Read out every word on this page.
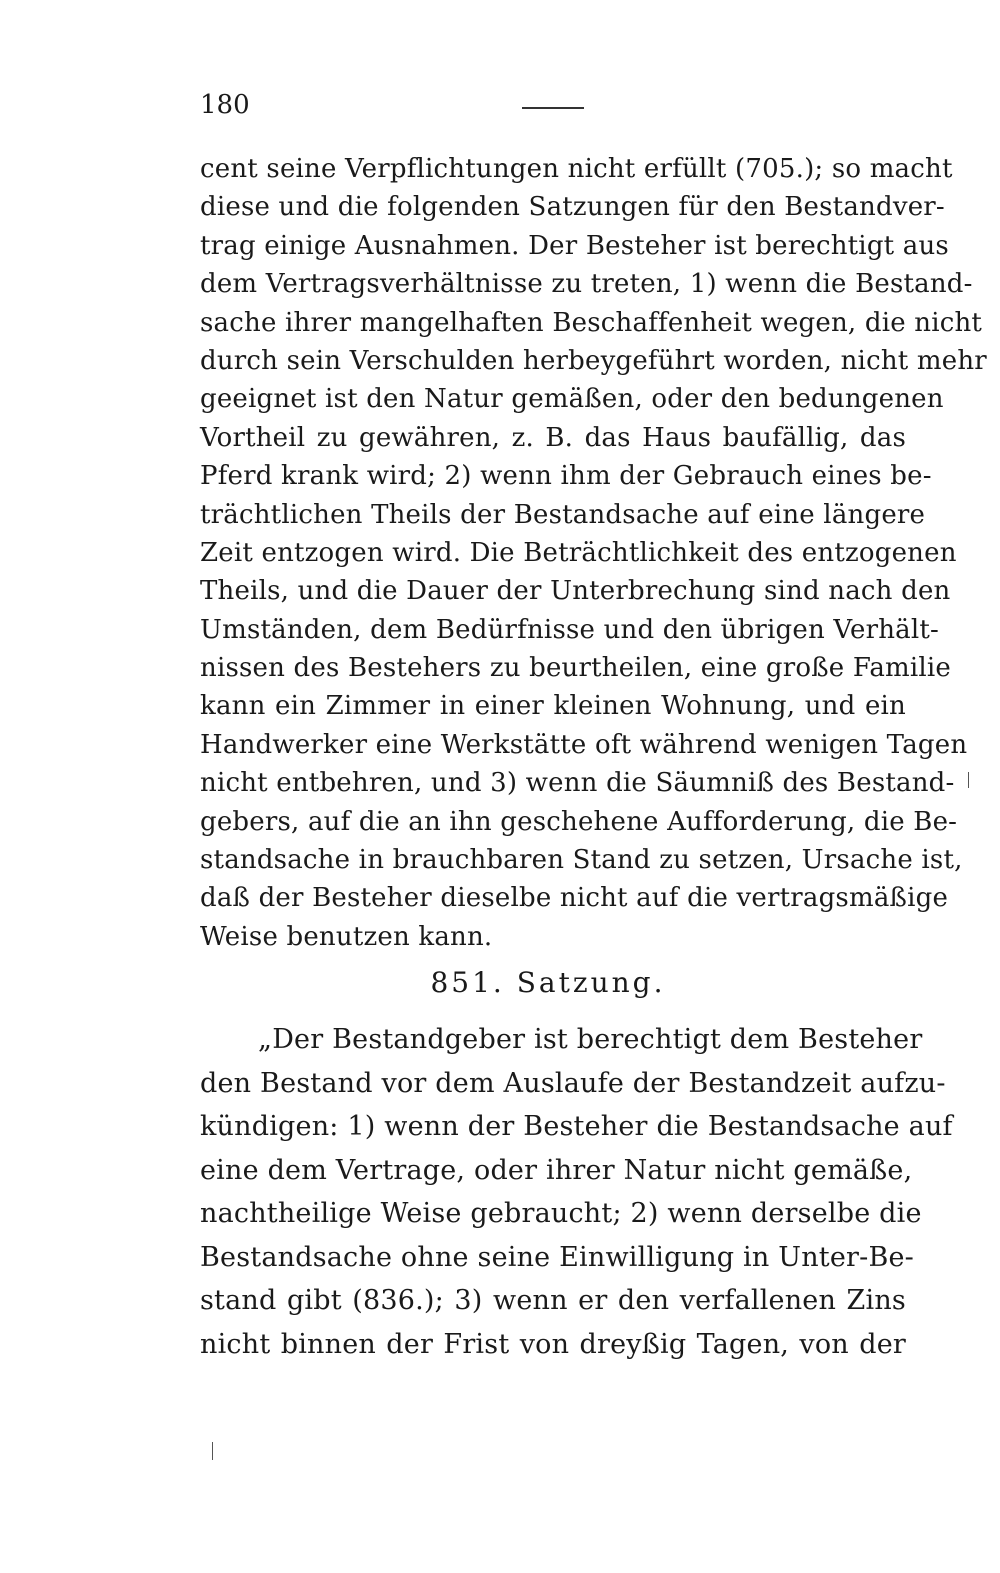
180
cent seine Verpflichtungen nicht erfüllt (705.); so macht
diese und die folgenden Satzungen für den Bestandver-
trag einige Ausnahmen. Der Besteher ist berechtigt aus
dem Vertragsverhältnisse zu treten, 1) wenn die Bestand-
sache ihrer mangelhaften Beschaffenheit wegen, die nicht
durch sein Verschulden herbeygeführt worden, nicht mehr
geeignet ist den Natur gemäßen, oder den bedungenen
Vortheil zu gewähren, z. B. das Haus baufällig, das
Pferd krank wird; 2) wenn ihm der Gebrauch eines be-
trächtlichen Theils der Bestandsache auf eine längere
Zeit entzogen wird. Die Beträchtlichkeit des entzogenen
Theils, und die Dauer der Unterbrechung sind nach den
Umständen, dem Bedürfnisse und den übrigen Verhält-
nissen des Bestehers zu beurtheilen, eine große Familie
kann ein Zimmer in einer kleinen Wohnung, und ein
Handwerker eine Werkstätte oft während wenigen Tagen
nicht entbehren, und 3) wenn die Säumniß des Bestand-
gebers, auf die an ihn geschehene Aufforderung, die Be-
standsache in brauchbaren Stand zu setzen, Ursache ist,
daß der Besteher dieselbe nicht auf die vertragsmäßige
Weise benutzen kann.
851. Satzung.
„Der Bestandgeber ist berechtigt dem Besteher
den Bestand vor dem Auslaufe der Bestandzeit aufzu-
kündigen: 1) wenn der Besteher die Bestandsache auf
eine dem Vertrage, oder ihrer Natur nicht gemäße,
nachtheilige Weise gebraucht; 2) wenn derselbe die
Bestandsache ohne seine Einwilligung in Unter-Be-
stand gibt (836.); 3) wenn er den verfallenen Zins
nicht binnen der Frist von dreyßig Tagen, von der
